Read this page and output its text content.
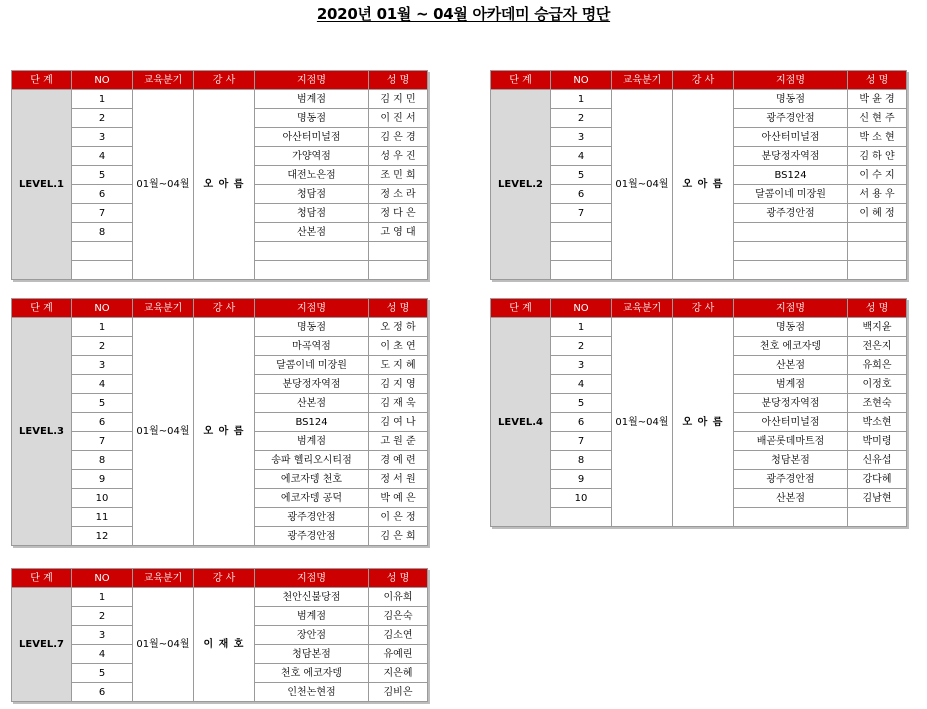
2020년 01월 ~ 04월 아카데미 승급자 명단
단 계	NO	교육분기	강 사	지점명	성 명
LEVEL.1	1	01월~04월	오 아 름	범계점	김 지 민
	2			명동점	이 진 서
	3			아산터미널점	김 은 경
	4			가양역점	성 우 진
	5			대전노은점	조 민 희
	6			청담점	정 소 라
	7			청담점	정 다 은
	8			산본점	고 영 대

단 계	NO	교육분기	강 사	지점명	성 명
LEVEL.2	1	01월~04월	오 아 름	명동점	박 윤 경
	2			광주경안점	신 현 주
	3			아산터미널점	박 소 현
	4			분당정자역점	김 하 얀
	5			BS124	이 수 지
	6			달콤이네 미장원	서 용 우
	7			광주경안점	이 혜 정

단 계	NO	교육분기	강 사	지점명	성 명
LEVEL.3	1	01월~04월	오 아 름	명동점	오 정 하
	2			마곡역점	이 초 연
	3			달콤이네 미장원	도 지 혜
	4			분당정자역점	김 지 영
	5			산본점	김 재 욱
	6			BS124	김 여 나
	7			범계점	고 원 준
	8			송파 헬리오시티점	경 예 련
	9			에코자뎅 천호	정 서 원
	10			에코자뎅 공덕	박 예 은
	11			광주경안점	이 은 정
	12			광주경안점	김 은 희
단 계	NO	교육분기	강 사	지점명	성 명
LEVEL.4	1	01월~04월	오 아 름	명동점	백지윤
	2			천호 에코자뎅	전은지
	3			산본점	유희은
	4			범계점	이정호
	5			분당정자역점	조현숙
	6			아산터미널점	박소현
	7			배곧롯데마트점	박미령
	8			청담본점	신유섭
	9			광주경안점	강다혜
	10			산본점	김남현

단 계	NO	교육분기	강 사	지점명	성 명
LEVEL.7	1	01월~04월	이 재 호	천안신불당점	이유희
	2			범계점	김은숙
	3			장안점	김소연
	4			청담본점	유예린
	5			천호 에코자뎅	지은혜
	6			인천논현점	김비은
